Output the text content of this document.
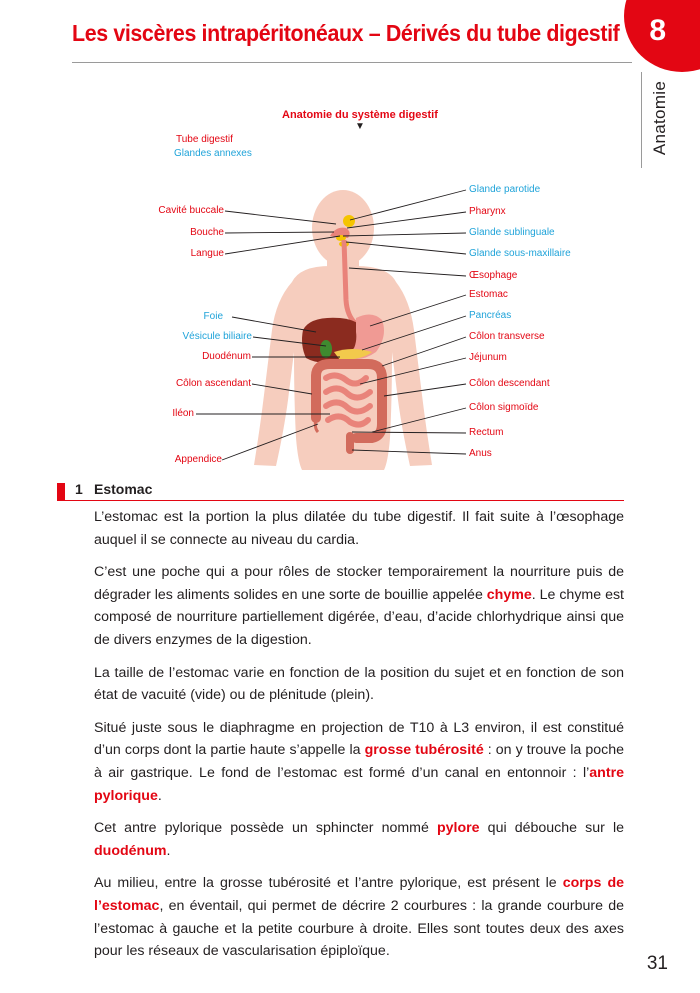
8
Les viscères intrapéritonéaux – Dérivés du tube digestif
Anatomie
Anatomie du système digestif
▼
Tube digestif
Glandes annexes
Cavité buccale
Bouche
Langue
Foie
Vésicule biliaire
Duodénum
Côlon ascendant
Iléon
Appendice
Glande parotide
Pharynx
Glande sublinguale
Glande sous-maxillaire
Œsophage
Estomac
Pancréas
Côlon transverse
Jéjunum
Côlon descendant
Côlon sigmoïde
Rectum
Anus
1 Estomac

L’estomac est la portion la plus dilatée du tube digestif. Il fait suite à l’œsophage auquel il se connecte au niveau du cardia.

C’est une poche qui a pour rôles de stocker temporairement la nourriture puis de dégrader les aliments solides en une sorte de bouillie appelée chyme. Le chyme est composé de nourriture partiellement digérée, d’eau, d’acide chlorhydrique ainsi que de divers enzymes de la digestion.

La taille de l’estomac varie en fonction de la position du sujet et en fonction de son état de vacuité (vide) ou de plénitude (plein).

Situé juste sous le diaphragme en projection de T10 à L3 environ, il est constitué d’un corps dont la partie haute s’appelle la grosse tubérosité : on y trouve la poche à air gastrique. Le fond de l’estomac est formé d’un canal en entonnoir : l’antre pylorique.

Cet antre pylorique possède un sphincter nommé pylore qui débouche sur le duodénum.

Au milieu, entre la grosse tubérosité et l’antre pylorique, est présent le corps de l’estomac, en éventail, qui permet de décrire 2 courbures : la grande courbure de l’estomac à gauche et la petite courbure à droite. Elles sont toutes deux des axes pour les réseaux de vascularisation épiploïque.

31
